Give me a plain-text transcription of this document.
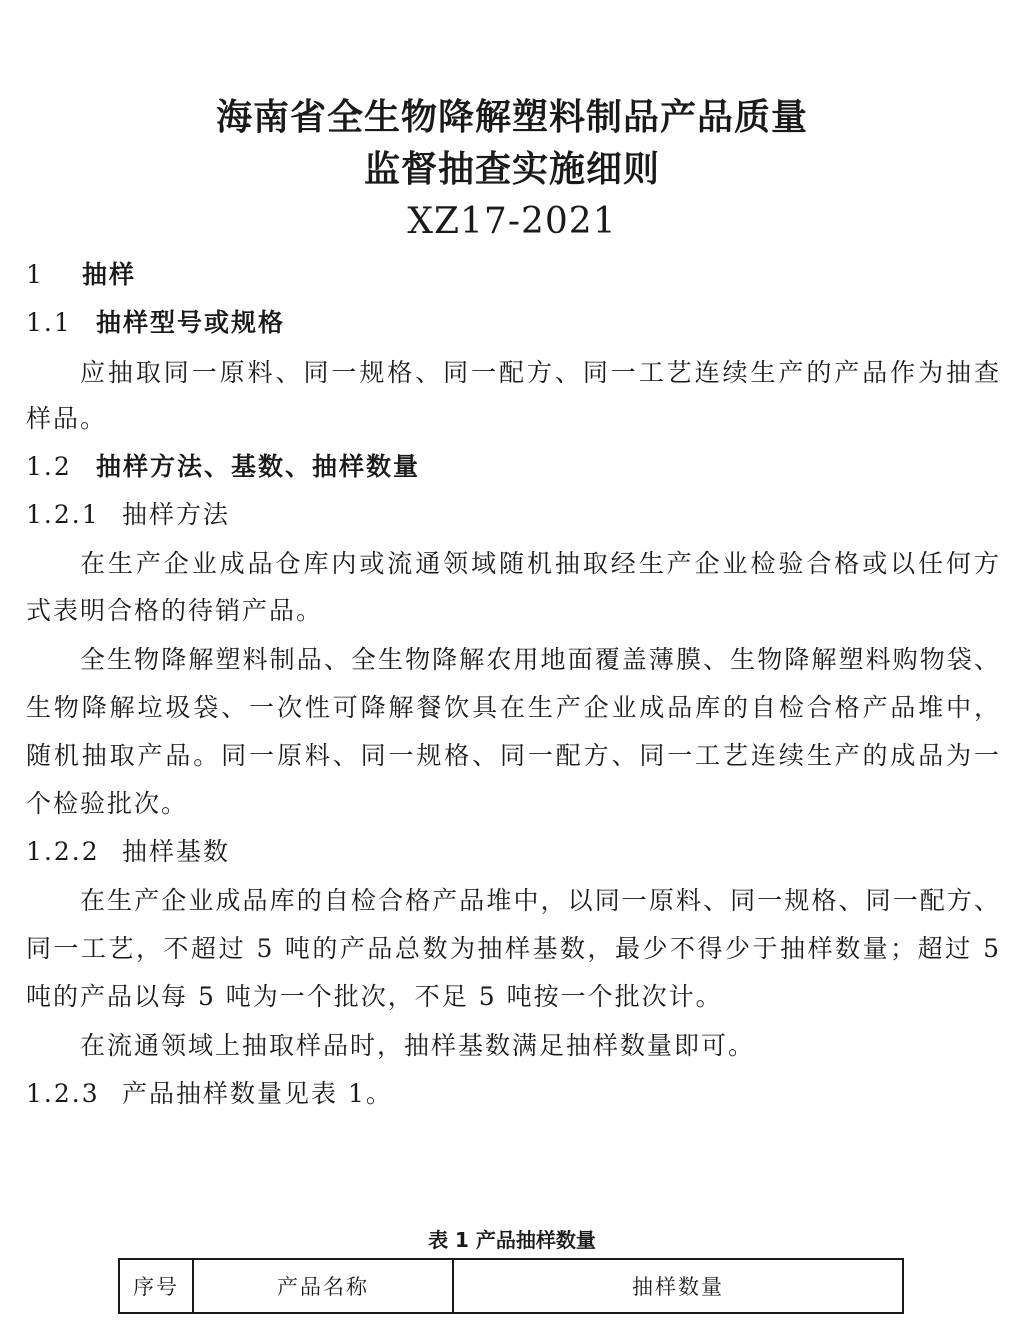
海南省全生物降解塑料制品产品质量
监督抽查实施细则
XZ17-2021
1 抽样
1.1 抽样型号或规格
应抽取同一原料、同一规格、同一配方、同一工艺连续生产的产品作为抽查
样品。
1.2 抽样方法、基数、抽样数量
1.2.1 抽样方法
在生产企业成品仓库内或流通领域随机抽取经生产企业检验合格或以任何方
式表明合格的待销产品。
全生物降解塑料制品、全生物降解农用地面覆盖薄膜、生物降解塑料购物袋、
生物降解垃圾袋、一次性可降解餐饮具在生产企业成品库的自检合格产品堆中，
随机抽取产品。同一原料、同一规格、同一配方、同一工艺连续生产的成品为一
个检验批次。
1.2.2 抽样基数
在生产企业成品库的自检合格产品堆中，以同一原料、同一规格、同一配方、
同一工艺，不超过 5 吨的产品总数为抽样基数，最少不得少于抽样数量；超过 5
吨的产品以每 5 吨为一个批次，不足 5 吨按一个批次计。
在流通领域上抽取样品时，抽样基数满足抽样数量即可。
1.2.3 产品抽样数量见表 1。
表 1 产品抽样数量
序号	产品名称	抽样数量
